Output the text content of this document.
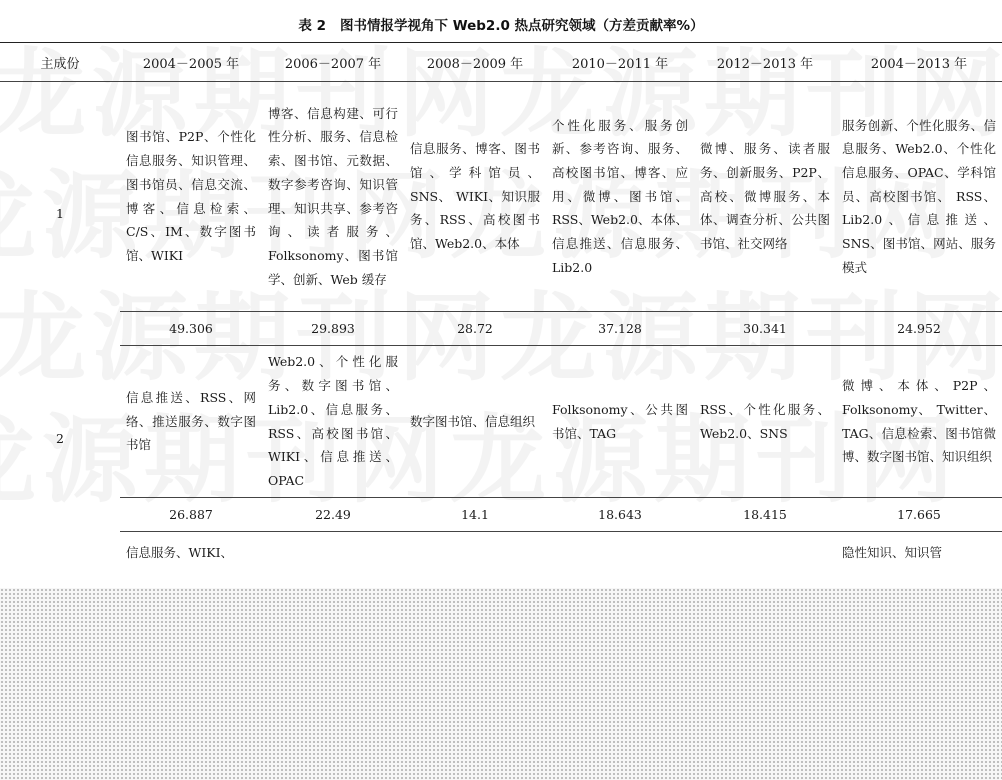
表 2 图书情报学视角下 Web2.0 热点研究领域（方差贡献率%）
主成份	2004－2005 年	2006－2007 年	2008－2009 年	2010－2011 年	2012－2013 年	2004－2013 年
1	图书馆、P2P、个性化信息服务、知识管理、图书馆员、信息交流、博客、信息检索、C/S、IM、数字图书馆、WIKI	博客、信息构建、可行性分析、服务、信息检索、图书馆、元数据、数字参考咨询、知识管理、知识共享、参考咨询、读者服务、 Folksonomy、图书馆学、创新、Web 缓存	信息服务、博客、图书馆、学科馆员、 SNS、 WIKI、知识服务、RSS、高校图书馆、Web2.0、本体	个性化服务、服务创新、参考咨询、服务、高校图书馆、博客、应用、微博、图书馆、RSS、Web2.0、本体、信息推送、信息服务、Lib2.0	微博、服务、读者服务、创新服务、P2P、高校、微博服务、本体、调查分析、公共图书馆、社交网络	服务创新、个性化服务、信息服务、Web2.0、个性化信息服务、OPAC、学科馆员、高校图书馆、 RSS、Lib2.0、信息推送、SNS、图书馆、网站、服务模式
	49.306	29.893	28.72	37.128	30.341	24.952
2	信息推送、RSS、网络、推送服务、数字图书馆	Web2.0、个性化服务、数字图书馆、Lib2.0、信息服务、RSS、高校图书馆、WIKI、信息推送、OPAC	数字图书馆、信息组织	Folksonomy、公共图书馆、TAG	RSS、个性化服务、Web2.0、SNS	微博、本体、P2P、Folksonomy、 Twitter、TAG、信息检索、图书馆微博、数字图书馆、知识组织
	26.887	22.49	14.1	18.643	18.415	17.665
	信息服务、WIKI、					隐性知识、知识管
